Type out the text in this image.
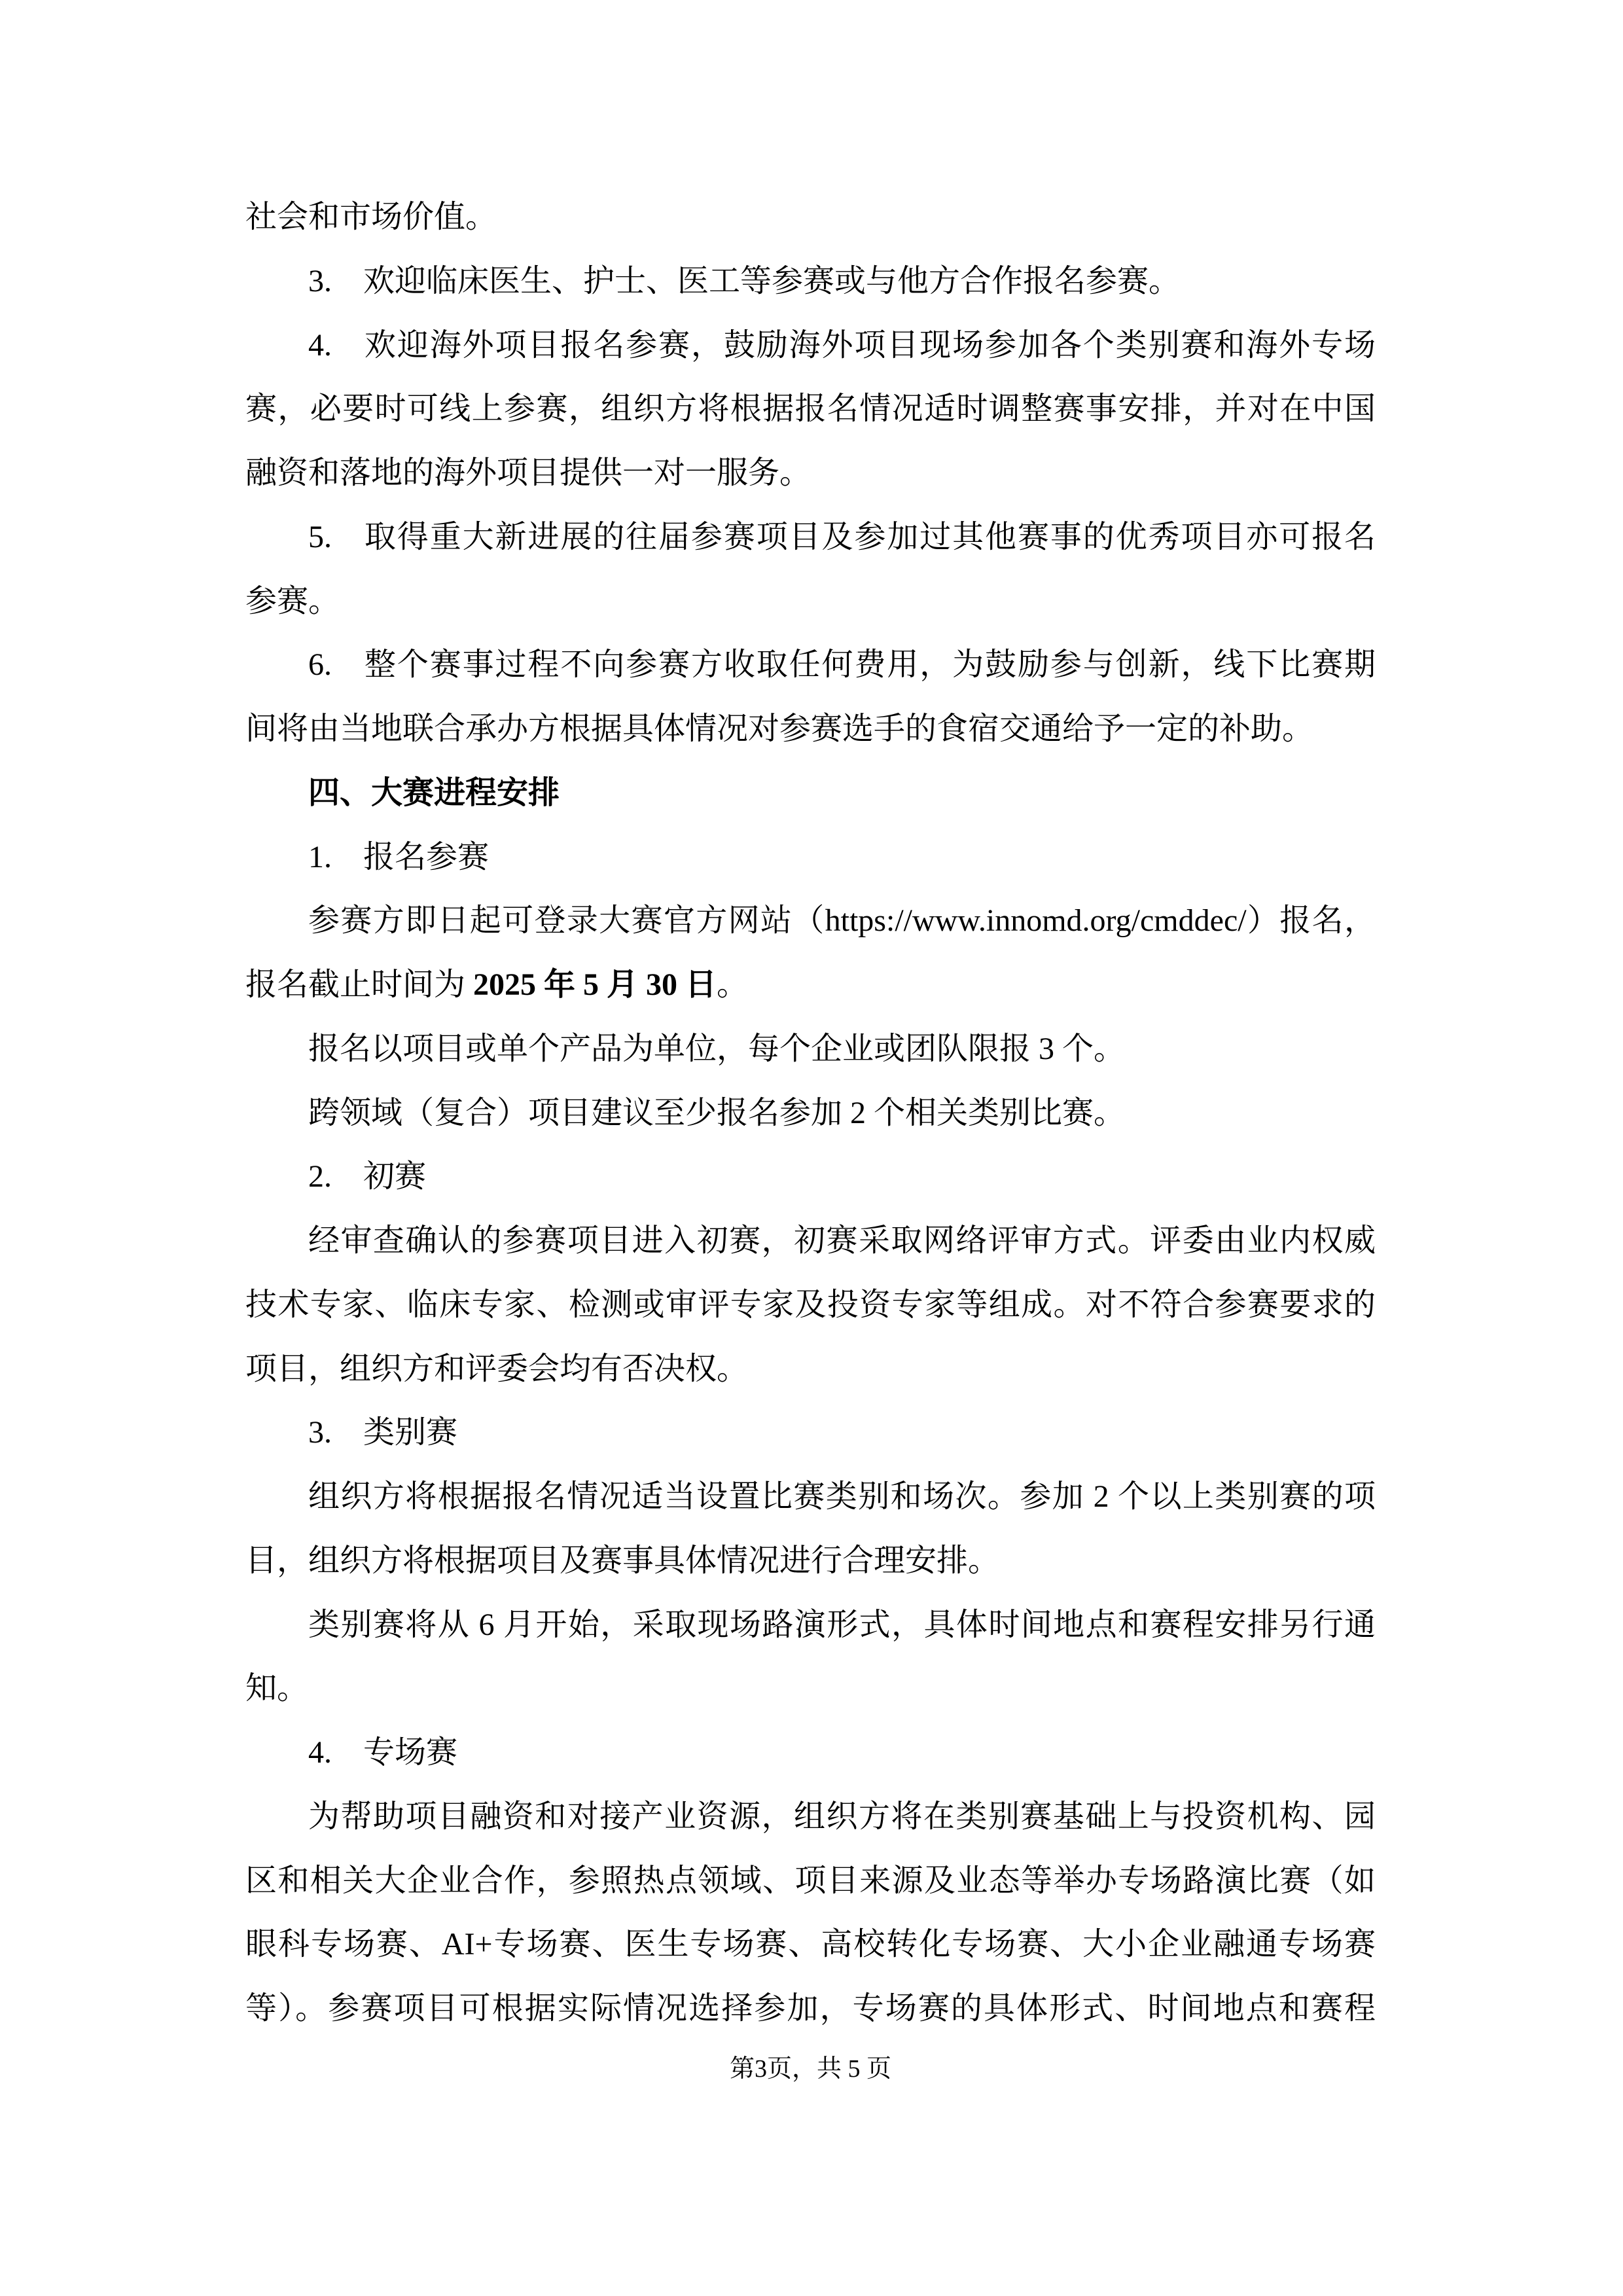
社会和市场价值。
3. 欢迎临床医生、护士、医工等参赛或与他方合作报名参赛。
4. 欢迎海外项目报名参赛，鼓励海外项目现场参加各个类别赛和海外专场
赛，必要时可线上参赛，组织方将根据报名情况适时调整赛事安排，并对在中国
融资和落地的海外项目提供一对一服务。
5. 取得重大新进展的往届参赛项目及参加过其他赛事的优秀项目亦可报名
参赛。
6. 整个赛事过程不向参赛方收取任何费用，为鼓励参与创新，线下比赛期
间将由当地联合承办方根据具体情况对参赛选手的食宿交通给予一定的补助。
四、大赛进程安排
1. 报名参赛
参赛方即日起可登录大赛官方网站（https://www.innomd.org/cmddec/）报名，
报名截止时间为 2025 年 5 月 30 日。
报名以项目或单个产品为单位，每个企业或团队限报 3 个。
跨领域（复合）项目建议至少报名参加 2 个相关类别比赛。
2. 初赛
经审查确认的参赛项目进入初赛，初赛采取网络评审方式。评委由业内权威
技术专家、临床专家、检测或审评专家及投资专家等组成。对不符合参赛要求的
项目，组织方和评委会均有否决权。
3. 类别赛
组织方将根据报名情况适当设置比赛类别和场次。参加 2 个以上类别赛的项
目，组织方将根据项目及赛事具体情况进行合理安排。
类别赛将从 6 月开始，采取现场路演形式，具体时间地点和赛程安排另行通
知。
4. 专场赛
为帮助项目融资和对接产业资源，组织方将在类别赛基础上与投资机构、园
区和相关大企业合作，参照热点领域、项目来源及业态等举办专场路演比赛（如
眼科专场赛、AI+专场赛、医生专场赛、高校转化专场赛、大小企业融通专场赛
等）。参赛项目可根据实际情况选择参加，专场赛的具体形式、时间地点和赛程
第3页，共 5 页
